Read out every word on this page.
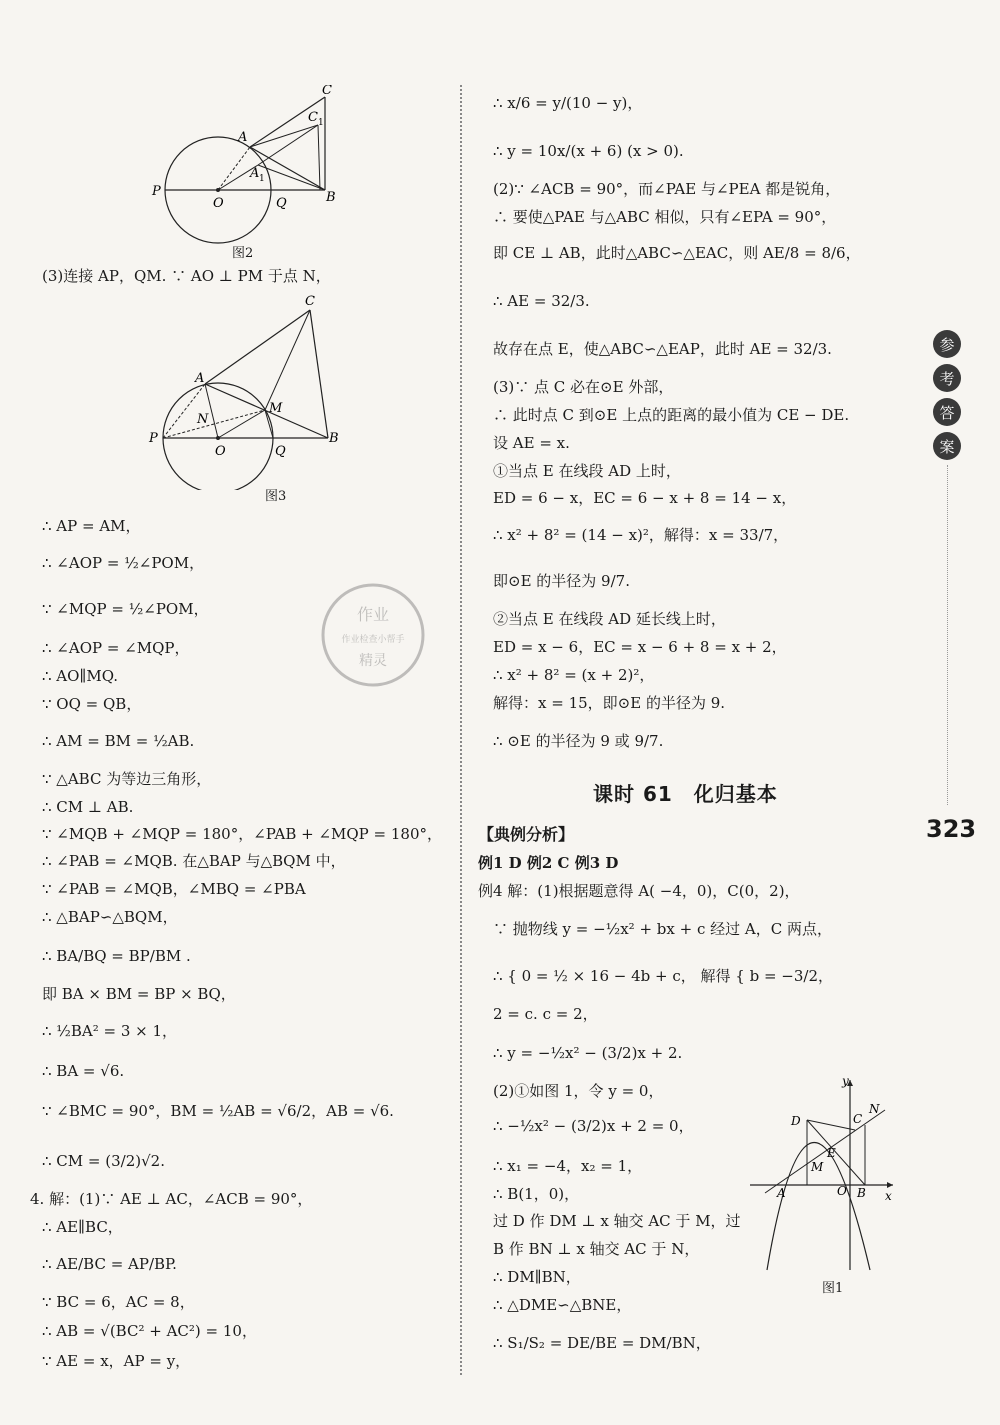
C
C 1
A
A 1
P
O	Q	B
图2
(3)连接 AP，QM. ∵ AO ⊥ PM 于点 N，
C
A
N
M
P
O	Q
B
图3
∴ AP = AM，
∴ ∠AOP = ½∠POM，
∵ ∠MQP = ½∠POM，
∴ ∠AOP = ∠MQP，
∴ AO∥MQ.
∵ OQ = QB，
∴ AM = BM = ½AB.
∵ △ABC 为等边三角形，
∴ CM ⊥ AB.
∵ ∠MQB + ∠MQP = 180°，∠PAB + ∠MQP = 180°，
∴ ∠PAB = ∠MQB. 在△BAP 与△BQM 中，
∵ ∠PAB = ∠MQB，∠MBQ = ∠PBA
∴ △BAP∽△BQM，
∴ BA/BQ = BP/BM .
即 BA × BM = BP × BQ，
∴ ½BA² = 3 × 1，
∴ BA = √6.
∵ ∠BMC = 90°，BM = ½AB = √6/2，AB = √6.
∴ CM = (3/2)√2.
4. 解：(1)∵ AE ⊥ AC，∠ACB = 90°，
∴ AE∥BC，
∴ AE/BC = AP/BP.
∵ BC = 6，AC = 8，
∴ AB = √(BC² + AC²) = 10，
∵ AE = x，AP = y，
作业
作业检查小帮手
精灵
∴ x/6 = y/(10 − y)，
∴ y = 10x/(x + 6) (x > 0).
(2)∵ ∠ACB = 90°，而∠PAE 与∠PEA 都是锐角，
∴ 要使△PAE 与△ABC 相似，只有∠EPA = 90°，
即 CE ⊥ AB，此时△ABC∽△EAC，则 AE/8 = 8/6，
∴ AE = 32/3.
故存在点 E，使△ABC∽△EAP，此时 AE = 32/3.
(3)∵ 点 C 必在⊙E 外部，
∴ 此时点 C 到⊙E 上点的距离的最小值为 CE − DE.
设 AE = x.
①当点 E 在线段 AD 上时，
ED = 6 − x，EC = 6 − x + 8 = 14 − x，
∴ x² + 8² = (14 − x)²，解得：x = 33/7，
即⊙E 的半径为 9/7.
②当点 E 在线段 AD 延长线上时，
ED = x − 6，EC = x − 6 + 8 = x + 2，
∴ x² + 8² = (x + 2)²，
解得：x = 15，即⊙E 的半径为 9.
∴ ⊙E 的半径为 9 或 9/7.
课时 61　化归基本
【典例分析】
例1 D 例2 C 例3 D
例4 解：(1)根据题意得 A( −4，0)，C(0，2)，
∵ 抛物线 y = −½x² + bx + c 经过 A，C 两点，
∴ { 0 = ½ × 16 − 4b + c， 解得 { b = −3/2，
2 = c. c = 2，
∴ y = −½x² − (3/2)x + 2.
(2)①如图 1，令 y = 0，
∴ −½x² − (3/2)x + 2 = 0，
∴ x₁ = −4，x₂ = 1，
∴ B(1，0)，
过 D 作 DM ⊥ x 轴交 AC 于 M，过
B 作 BN ⊥ x 轴交 AC 于 N，
∴ DM∥BN，
∴ △DME∽△BNE，
∴ S₁/S₂ = DE/BE = DM/BN，
y
x
D	C
N
E
M
A	O B
图1
参
考
答
案
323
